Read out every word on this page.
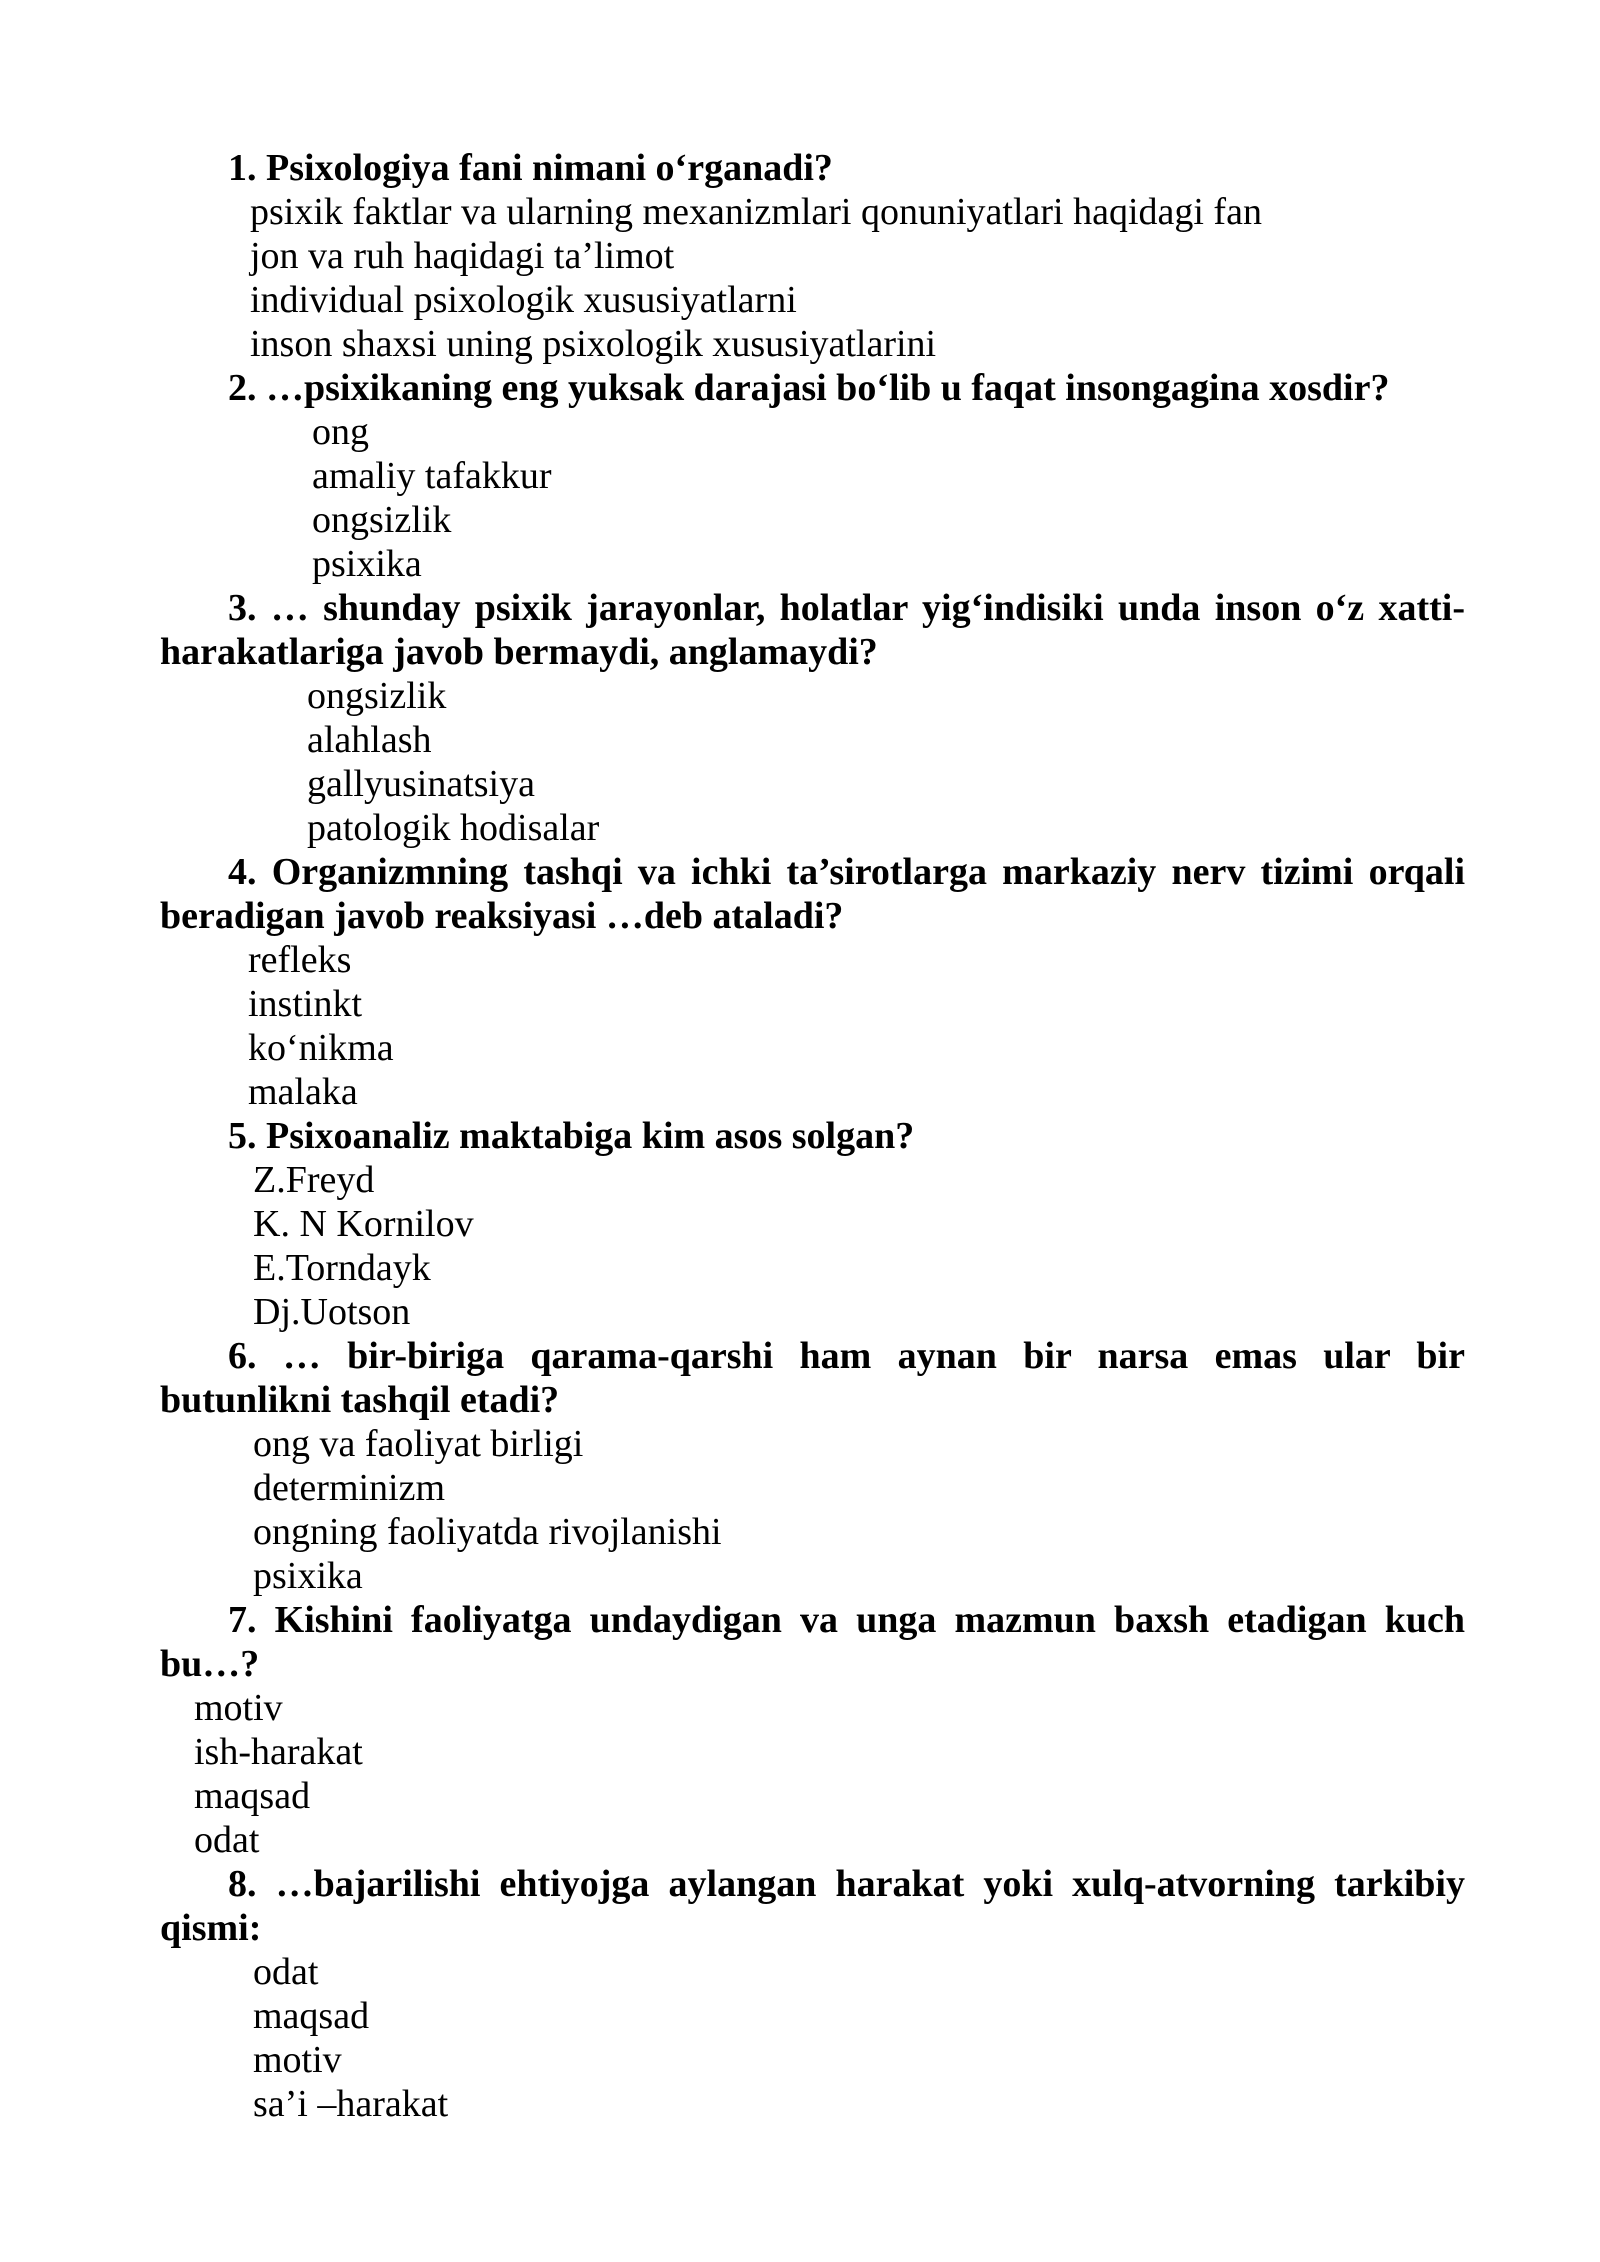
1. Psixologiya fani nimani o‘rganadi?

psixik faktlar va ularning mexanizmlari qonuniyatlari haqidagi fan

jon va ruh haqidagi ta’limot

individual psixologik xususiyatlarni

inson shaxsi uning psixologik xususiyatlarini

2. …psixikaning eng yuksak darajasi bo‘lib u faqat insongagina xosdir?

ong

amaliy tafakkur

ongsizlik

psixika

3. … shunday psixik jarayonlar, holatlar yig‘indisiki unda inson o‘z xatti-harakatlariga javob bermaydi, anglamaydi?

ongsizlik

alahlash

gallyusinatsiya

patologik hodisalar

4. Organizmning tashqi va ichki ta’sirotlarga markaziy nerv tizimi orqali beradigan javob reaksiyasi …deb ataladi?

refleks

instinkt

ko‘nikma

malaka

5. Psixoanaliz maktabiga kim asos solgan?

Z.Freyd

K. N Kornilov

E.Torndayk

Dj.Uotson

6. … bir-biriga qarama-qarshi ham aynan bir narsa emas ular bir butunlikni tashqil etadi?

ong va faoliyat birligi

determinizm

ongning faoliyatda rivojlanishi

psixika

7. Kishini faoliyatga undaydigan va unga mazmun baxsh etadigan kuch bu…?

motiv

ish-harakat

maqsad

odat

8. …bajarilishi ehtiyojga aylangan harakat yoki xulq-atvorning tarkibiy qismi:

odat

maqsad

motiv

sa’i –harakat
